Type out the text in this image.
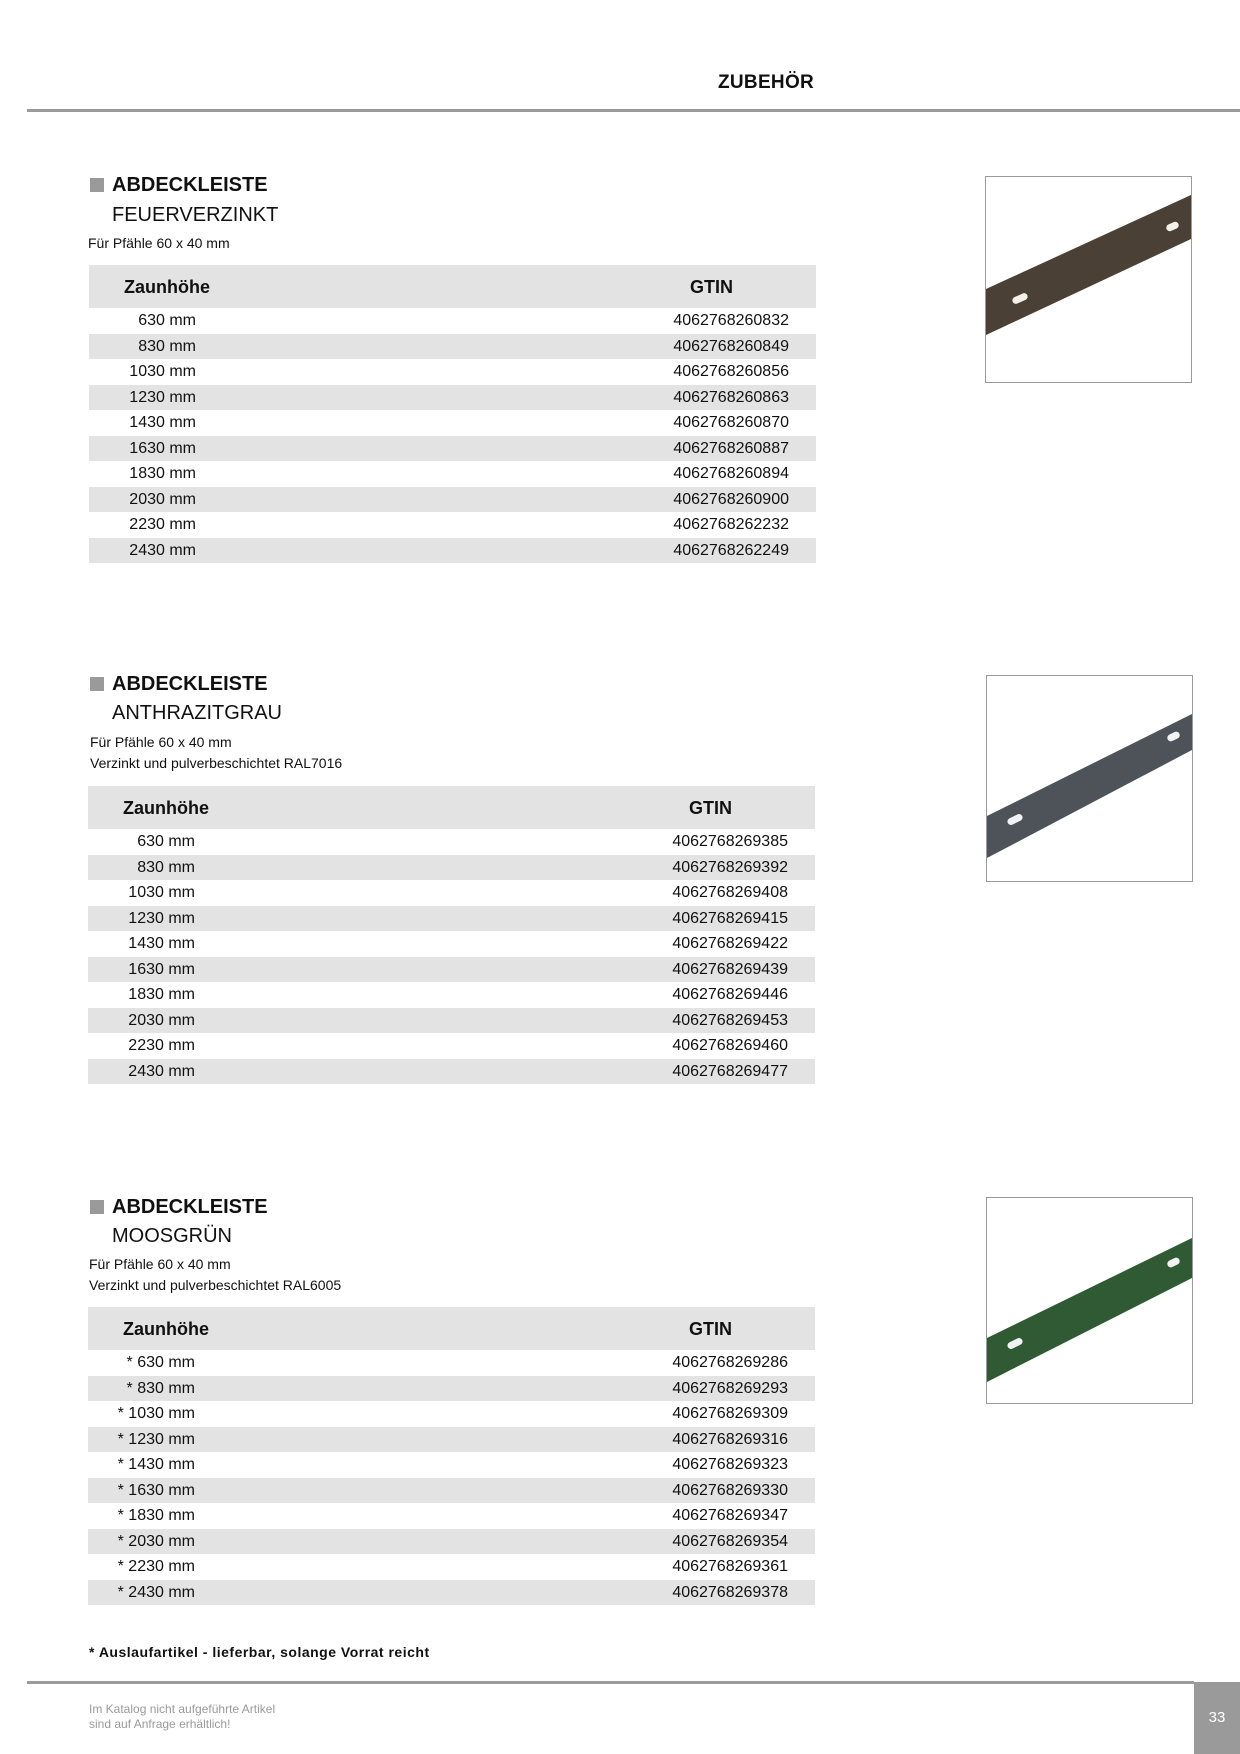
ZUBEHÖR
ABDECKLEISTE
FEUERVERZINKT
Für Pfähle 60 x 40 mm
Zaunhöhe	GTIN
630 mm	4062768260832
830 mm	4062768260849
1030 mm	4062768260856
1230 mm	4062768260863
1430 mm	4062768260870
1630 mm	4062768260887
1830 mm	4062768260894
2030 mm	4062768260900
2230 mm	4062768262232
2430 mm	4062768262249
ABDECKLEISTE
ANTHRAZITGRAU
Für Pfähle 60 x 40 mm
Verzinkt und pulverbeschichtet RAL7016
Zaunhöhe	GTIN
630 mm	4062768269385
830 mm	4062768269392
1030 mm	4062768269408
1230 mm	4062768269415
1430 mm	4062768269422
1630 mm	4062768269439
1830 mm	4062768269446
2030 mm	4062768269453
2230 mm	4062768269460
2430 mm	4062768269477
ABDECKLEISTE
MOOSGRÜN
Für Pfähle 60 x 40 mm
Verzinkt und pulverbeschichtet RAL6005
Zaunhöhe	GTIN
* 630 mm	4062768269286
* 830 mm	4062768269293
* 1030 mm	4062768269309
* 1230 mm	4062768269316
* 1430 mm	4062768269323
* 1630 mm	4062768269330
* 1830 mm	4062768269347
* 2030 mm	4062768269354
* 2230 mm	4062768269361
* 2430 mm	4062768269378
* Auslaufartikel - lieferbar, solange Vorrat reicht
Im Katalog nicht aufgeführte Artikel
sind auf Anfrage erhältlich!	33
